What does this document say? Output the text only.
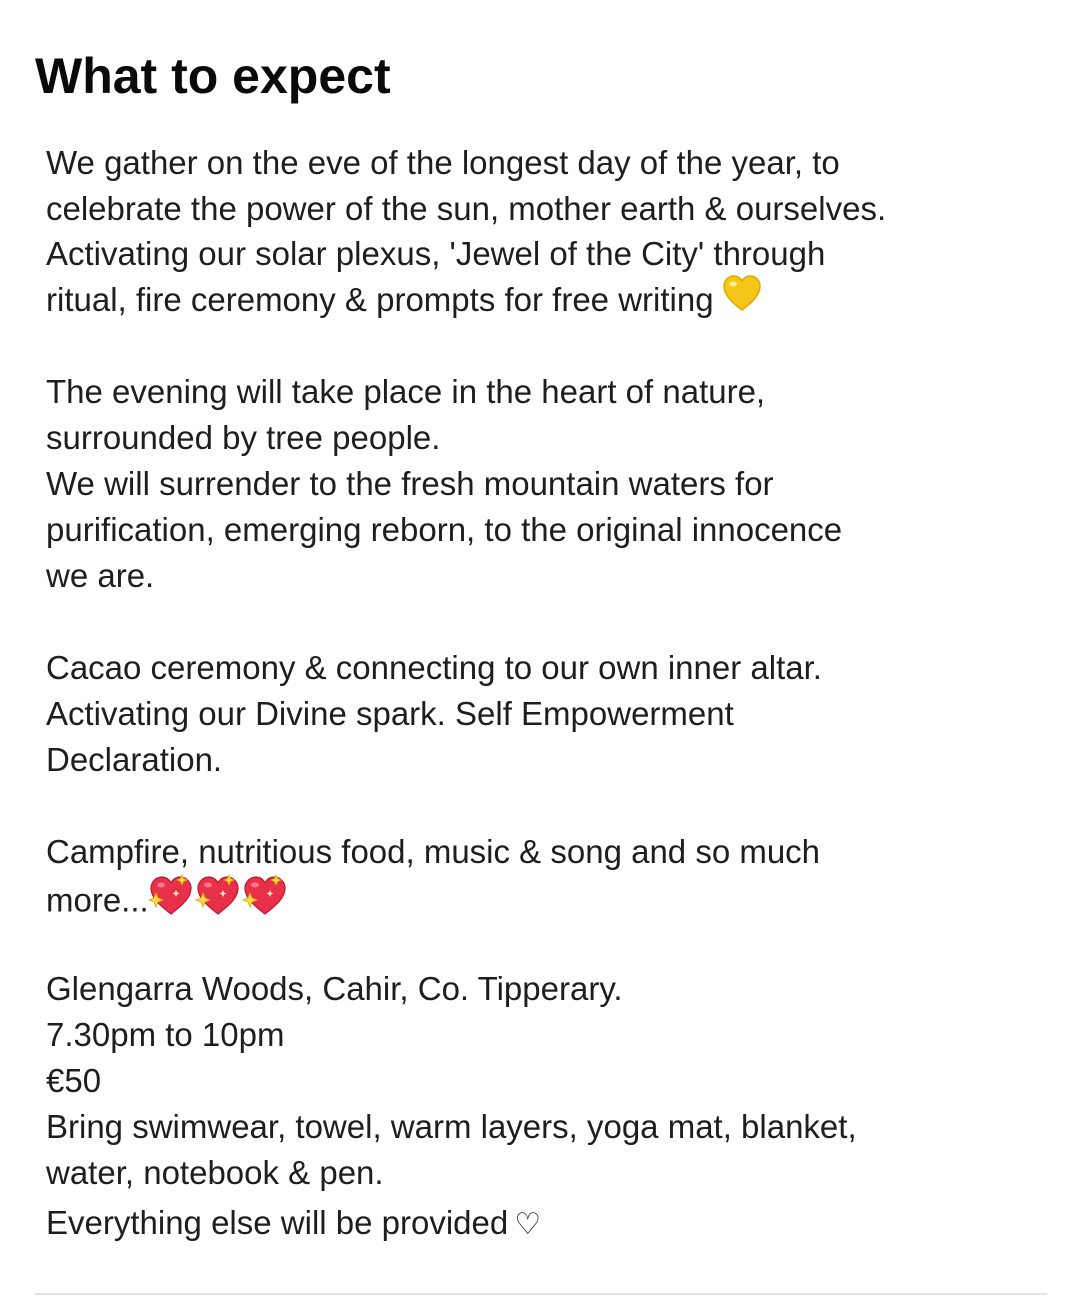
What to expect

We gather on the eve of the longest day of the year, to

celebrate the power of the sun, mother earth & ourselves.

Activating our solar plexus, 'Jewel of the City' through

ritual, fire ceremony & prompts for free writing

The evening will take place in the heart of nature,

surrounded by tree people.

We will surrender to the fresh mountain waters for

purification, emerging reborn, to the original innocence

we are.

Cacao ceremony & connecting to our own inner altar.

Activating our Divine spark. Self Empowerment

Declaration.

Campfire, nutritious food, music & song and so much

more...

Glengarra Woods, Cahir, Co. Tipperary.

7.30pm to 10pm

€50

Bring swimwear, towel, warm layers, yoga mat, blanket,

water, notebook & pen.

Everything else will be provided ♡
